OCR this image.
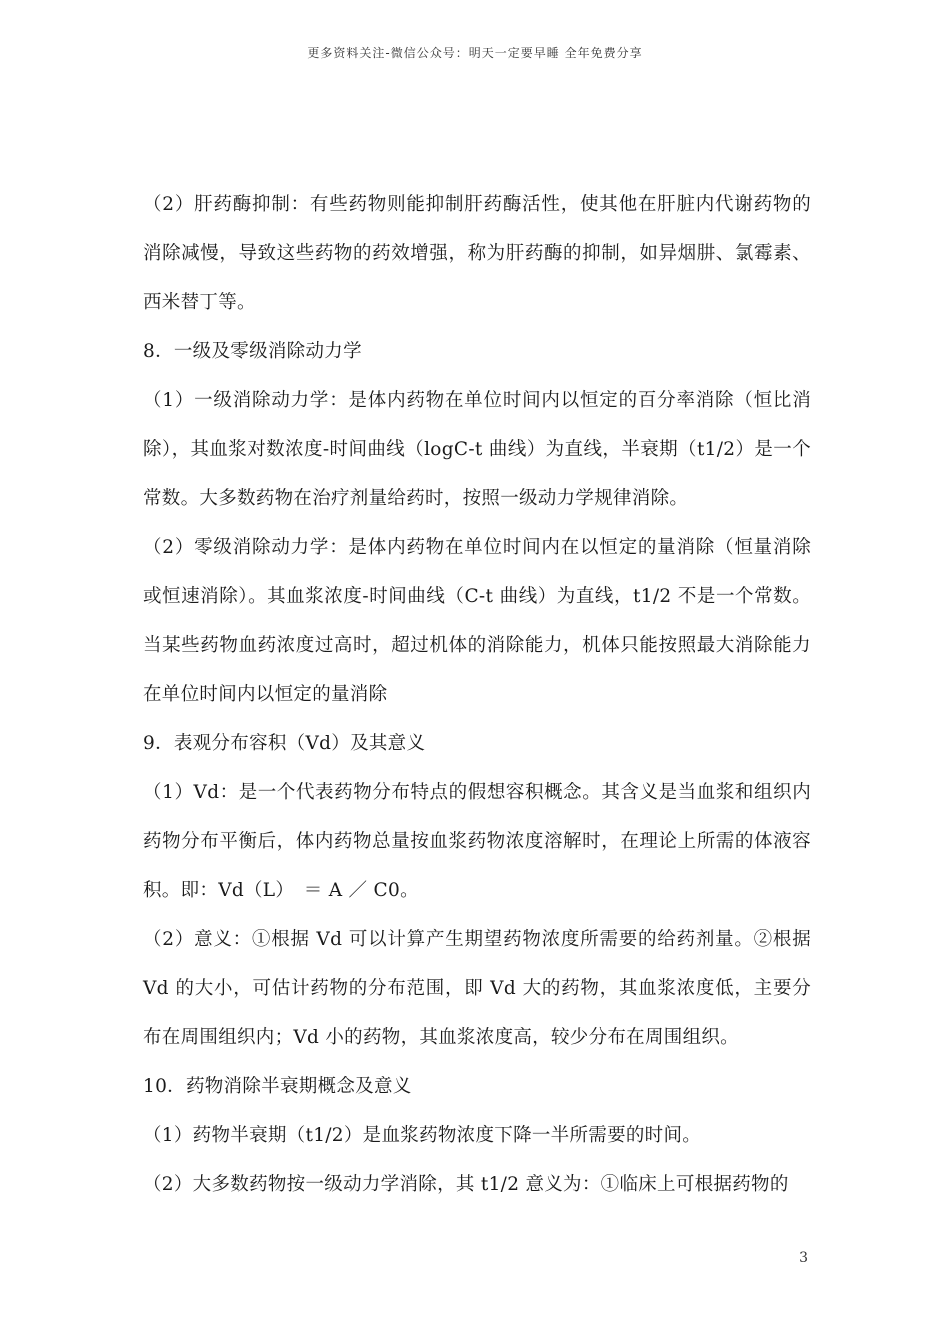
更多资料关注-微信公众号：明天一定要早睡 全年免费分享

（2）肝药酶抑制：有些药物则能抑制肝药酶活性，使其他在肝脏内代谢药物的消除减慢，导致这些药物的药效增强，称为肝药酶的抑制，如异烟肼、氯霉素、西米替丁等。

8．一级及零级消除动力学

（1）一级消除动力学：是体内药物在单位时间内以恒定的百分率消除（恒比消除），其血浆对数浓度-时间曲线（logC-t 曲线）为直线，半衰期（t1/2）是一个常数。大多数药物在治疗剂量给药时，按照一级动力学规律消除。

（2）零级消除动力学：是体内药物在单位时间内在以恒定的量消除（恒量消除或恒速消除）。其血浆浓度-时间曲线（C-t 曲线）为直线，t1/2 不是一个常数。当某些药物血药浓度过高时，超过机体的消除能力，机体只能按照最大消除能力在单位时间内以恒定的量消除

9．表观分布容积（Vd）及其意义

（1）Vd：是一个代表药物分布特点的假想容积概念。其含义是当血浆和组织内药物分布平衡后，体内药物总量按血浆药物浓度溶解时，在理论上所需的体液容积。即：Vd（L）　＝ A ／ C0。

（2）意义：①根据 Vd 可以计算产生期望药物浓度所需要的给药剂量。②根据 Vd 的大小，可估计药物的分布范围，即 Vd 大的药物，其血浆浓度低，主要分布在周围组织内；Vd 小的药物，其血浆浓度高，较少分布在周围组织。

10．药物消除半衰期概念及意义

（1）药物半衰期（t1/2）是血浆药物浓度下降一半所需要的时间。

（2）大多数药物按一级动力学消除，其 t1/2 意义为：①临床上可根据药物的

3
